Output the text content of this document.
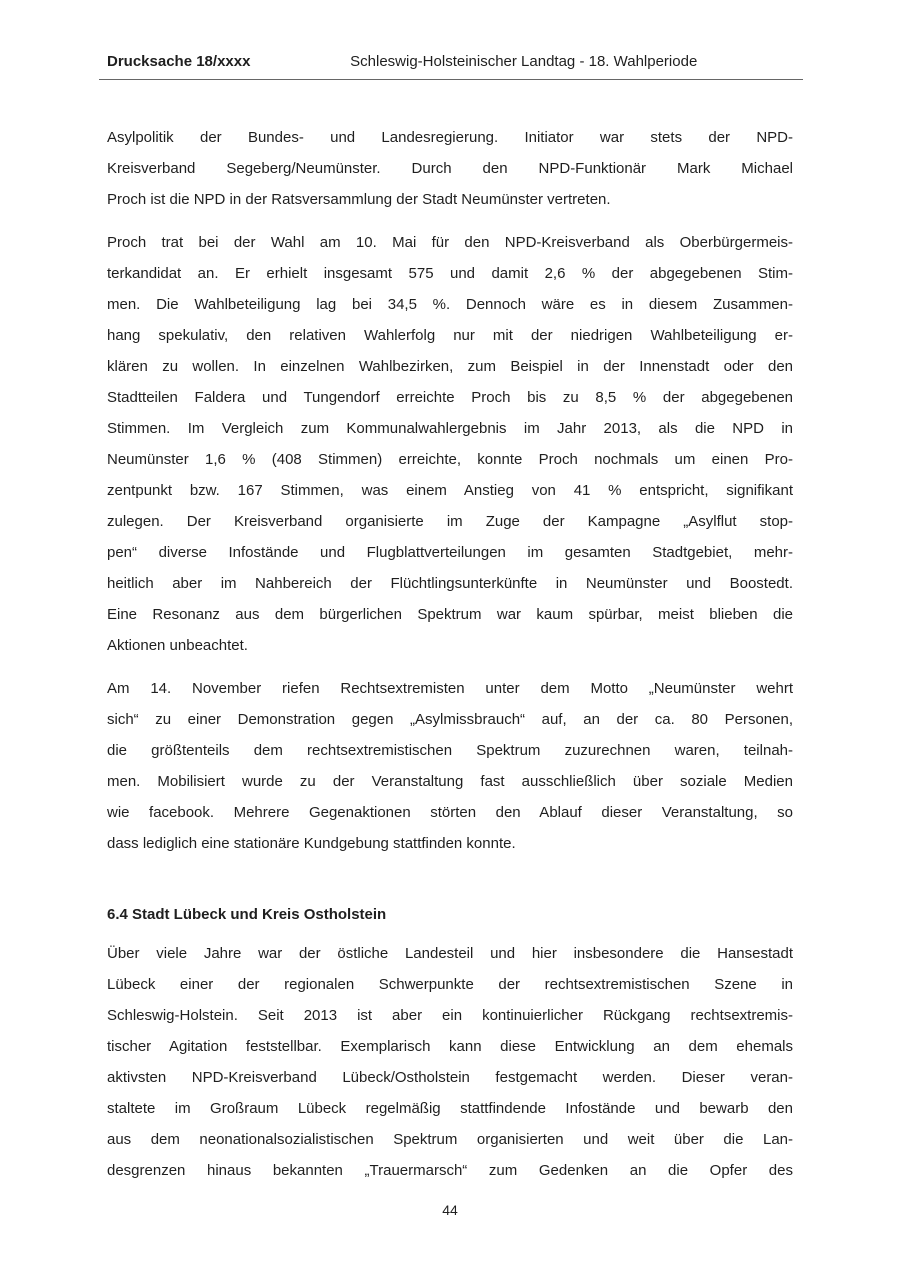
Drucksache 18/xxxx	Schleswig-Holsteinischer Landtag - 18. Wahlperiode
Asylpolitik der Bundes- und Landesregierung. Initiator war stets der NPD-
Kreisverband Segeberg/Neumünster. Durch den NPD-Funktionär Mark Michael
Proch ist die NPD in der Ratsversammlung der Stadt Neumünster vertreten.
Proch trat bei der Wahl am 10. Mai für den NPD-Kreisverband als Oberbürgermeis-
terkandidat an. Er erhielt insgesamt 575 und damit 2,6 % der abgegebenen Stim-
men. Die Wahlbeteiligung lag bei 34,5 %. Dennoch wäre es in diesem Zusammen-
hang spekulativ, den relativen Wahlerfolg nur mit der niedrigen Wahlbeteiligung er-
klären zu wollen. In einzelnen Wahlbezirken, zum Beispiel in der Innenstadt oder den
Stadtteilen Faldera und Tungendorf erreichte Proch bis zu 8,5 % der abgegebenen
Stimmen. Im Vergleich zum Kommunalwahlergebnis im Jahr 2013, als die NPD in
Neumünster 1,6 % (408 Stimmen) erreichte, konnte Proch nochmals um einen Pro-
zentpunkt bzw. 167 Stimmen, was einem Anstieg von 41 % entspricht, signifikant
zulegen. Der Kreisverband organisierte im Zuge der Kampagne „Asylflut stop-
pen“ diverse Infostände und Flugblattverteilungen im gesamten Stadtgebiet, mehr-
heitlich aber im Nahbereich der Flüchtlingsunterkünfte in Neumünster und Boostedt.
Eine Resonanz aus dem bürgerlichen Spektrum war kaum spürbar, meist blieben die
Aktionen unbeachtet.
Am 14. November riefen Rechtsextremisten unter dem Motto „Neumünster wehrt
sich“ zu einer Demonstration gegen „Asylmissbrauch“ auf, an der ca. 80 Personen,
die größtenteils dem rechtsextremistischen Spektrum zuzurechnen waren, teilnah-
men. Mobilisiert wurde zu der Veranstaltung fast ausschließlich über soziale Medien
wie facebook. Mehrere Gegenaktionen störten den Ablauf dieser Veranstaltung, so
dass lediglich eine stationäre Kundgebung stattfinden konnte.
6.4 Stadt Lübeck und Kreis Ostholstein
Über viele Jahre war der östliche Landesteil und hier insbesondere die Hansestadt
Lübeck einer der regionalen Schwerpunkte der rechtsextremistischen Szene in
Schleswig-Holstein. Seit 2013 ist aber ein kontinuierlicher Rückgang rechtsextremis-
tischer Agitation feststellbar. Exemplarisch kann diese Entwicklung an dem ehemals
aktivsten NPD-Kreisverband Lübeck/Ostholstein festgemacht werden. Dieser veran-
staltete im Großraum Lübeck regelmäßig stattfindende Infostände und bewarb den
aus dem neonationalsozialistischen Spektrum organisierten und weit über die Lan-
desgrenzen hinaus bekannten „Trauermarsch“ zum Gedenken an die Opfer des
44
